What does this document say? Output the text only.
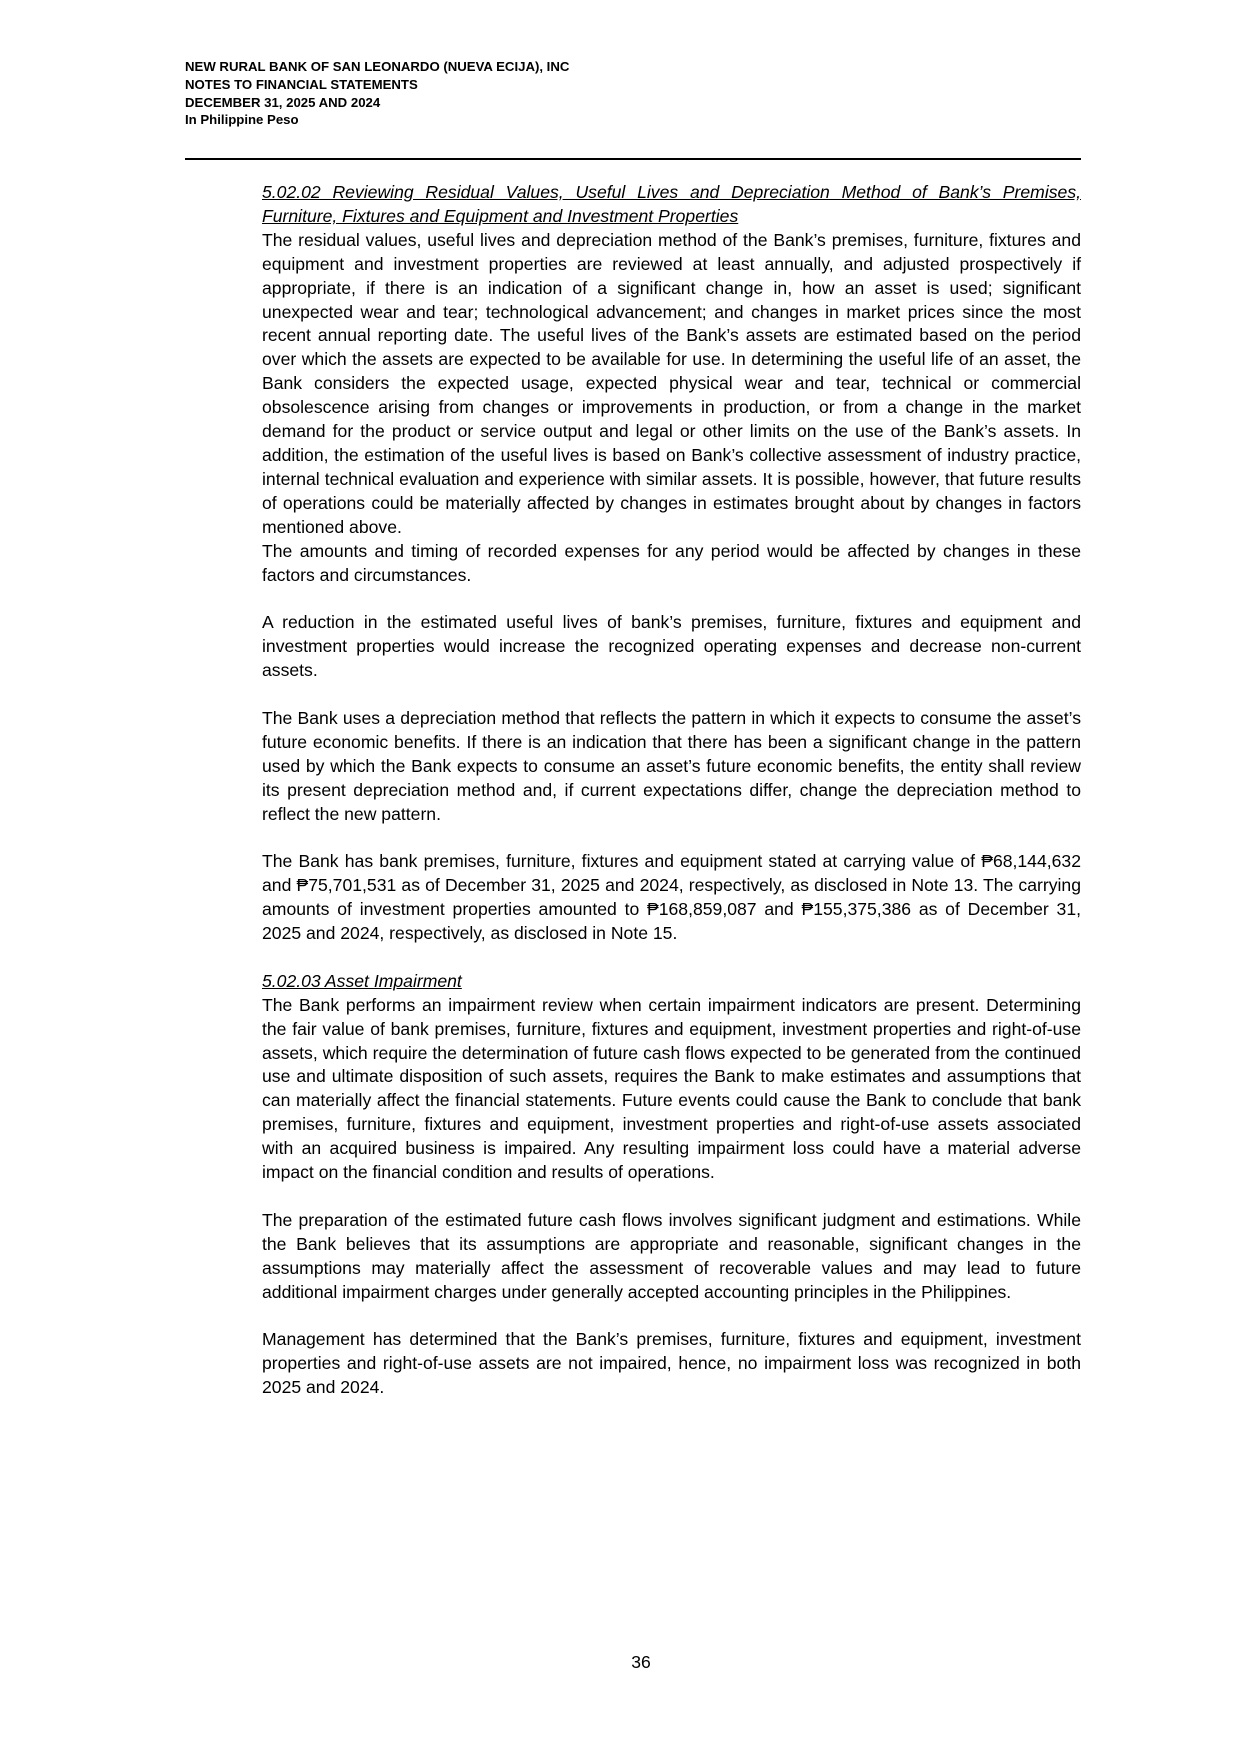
NEW RURAL BANK OF SAN LEONARDO (NUEVA ECIJA), INC
NOTES TO FINANCIAL STATEMENTS
DECEMBER 31, 2025 AND 2024
In Philippine Peso

5.02.02 Reviewing Residual Values, Useful Lives and Depreciation Method of Bank’s Premises, Furniture, Fixtures and Equipment and Investment Properties

The residual values, useful lives and depreciation method of the Bank’s premises, furniture, fixtures and equipment and investment properties are reviewed at least annually, and adjusted prospectively if appropriate, if there is an indication of a significant change in, how an asset is used; significant unexpected wear and tear; technological advancement; and changes in market prices since the most recent annual reporting date. The useful lives of the Bank’s assets are estimated based on the period over which the assets are expected to be available for use. In determining the useful life of an asset, the Bank considers the expected usage, expected physical wear and tear, technical or commercial obsolescence arising from changes or improvements in production, or from a change in the market demand for the product or service output and legal or other limits on the use of the Bank’s assets. In addition, the estimation of the useful lives is based on Bank’s collective assessment of industry practice, internal technical evaluation and experience with similar assets. It is possible, however, that future results of operations could be materially affected by changes in estimates brought about by changes in factors mentioned above.

The amounts and timing of recorded expenses for any period would be affected by changes in these factors and circumstances.

A reduction in the estimated useful lives of bank’s premises, furniture, fixtures and equipment and investment properties would increase the recognized operating expenses and decrease non-current assets.

The Bank uses a depreciation method that reflects the pattern in which it expects to consume the asset’s future economic benefits. If there is an indication that there has been a significant change in the pattern used by which the Bank expects to consume an asset’s future economic benefits, the entity shall review its present depreciation method and, if current expectations differ, change the depreciation method to reflect the new pattern.

The Bank has bank premises, furniture, fixtures and equipment stated at carrying value of ₱68,144,632 and ₱75,701,531 as of December 31, 2025 and 2024, respectively, as disclosed in Note 13. The carrying amounts of investment properties amounted to ₱168,859,087 and ₱155,375,386 as of December 31, 2025 and 2024, respectively, as disclosed in Note 15.

5.02.03 Asset Impairment

The Bank performs an impairment review when certain impairment indicators are present. Determining the fair value of bank premises, furniture, fixtures and equipment, investment properties and right-of-use assets, which require the determination of future cash flows expected to be generated from the continued use and ultimate disposition of such assets, requires the Bank to make estimates and assumptions that can materially affect the financial statements. Future events could cause the Bank to conclude that bank premises, furniture, fixtures and equipment, investment properties and right-of-use assets associated with an acquired business is impaired. Any resulting impairment loss could have a material adverse impact on the financial condition and results of operations.

The preparation of the estimated future cash flows involves significant judgment and estimations. While the Bank believes that its assumptions are appropriate and reasonable, significant changes in the assumptions may materially affect the assessment of recoverable values and may lead to future additional impairment charges under generally accepted accounting principles in the Philippines.

Management has determined that the Bank’s premises, furniture, fixtures and equipment, investment properties and right-of-use assets are not impaired, hence, no impairment loss was recognized in both 2025 and 2024.

36
